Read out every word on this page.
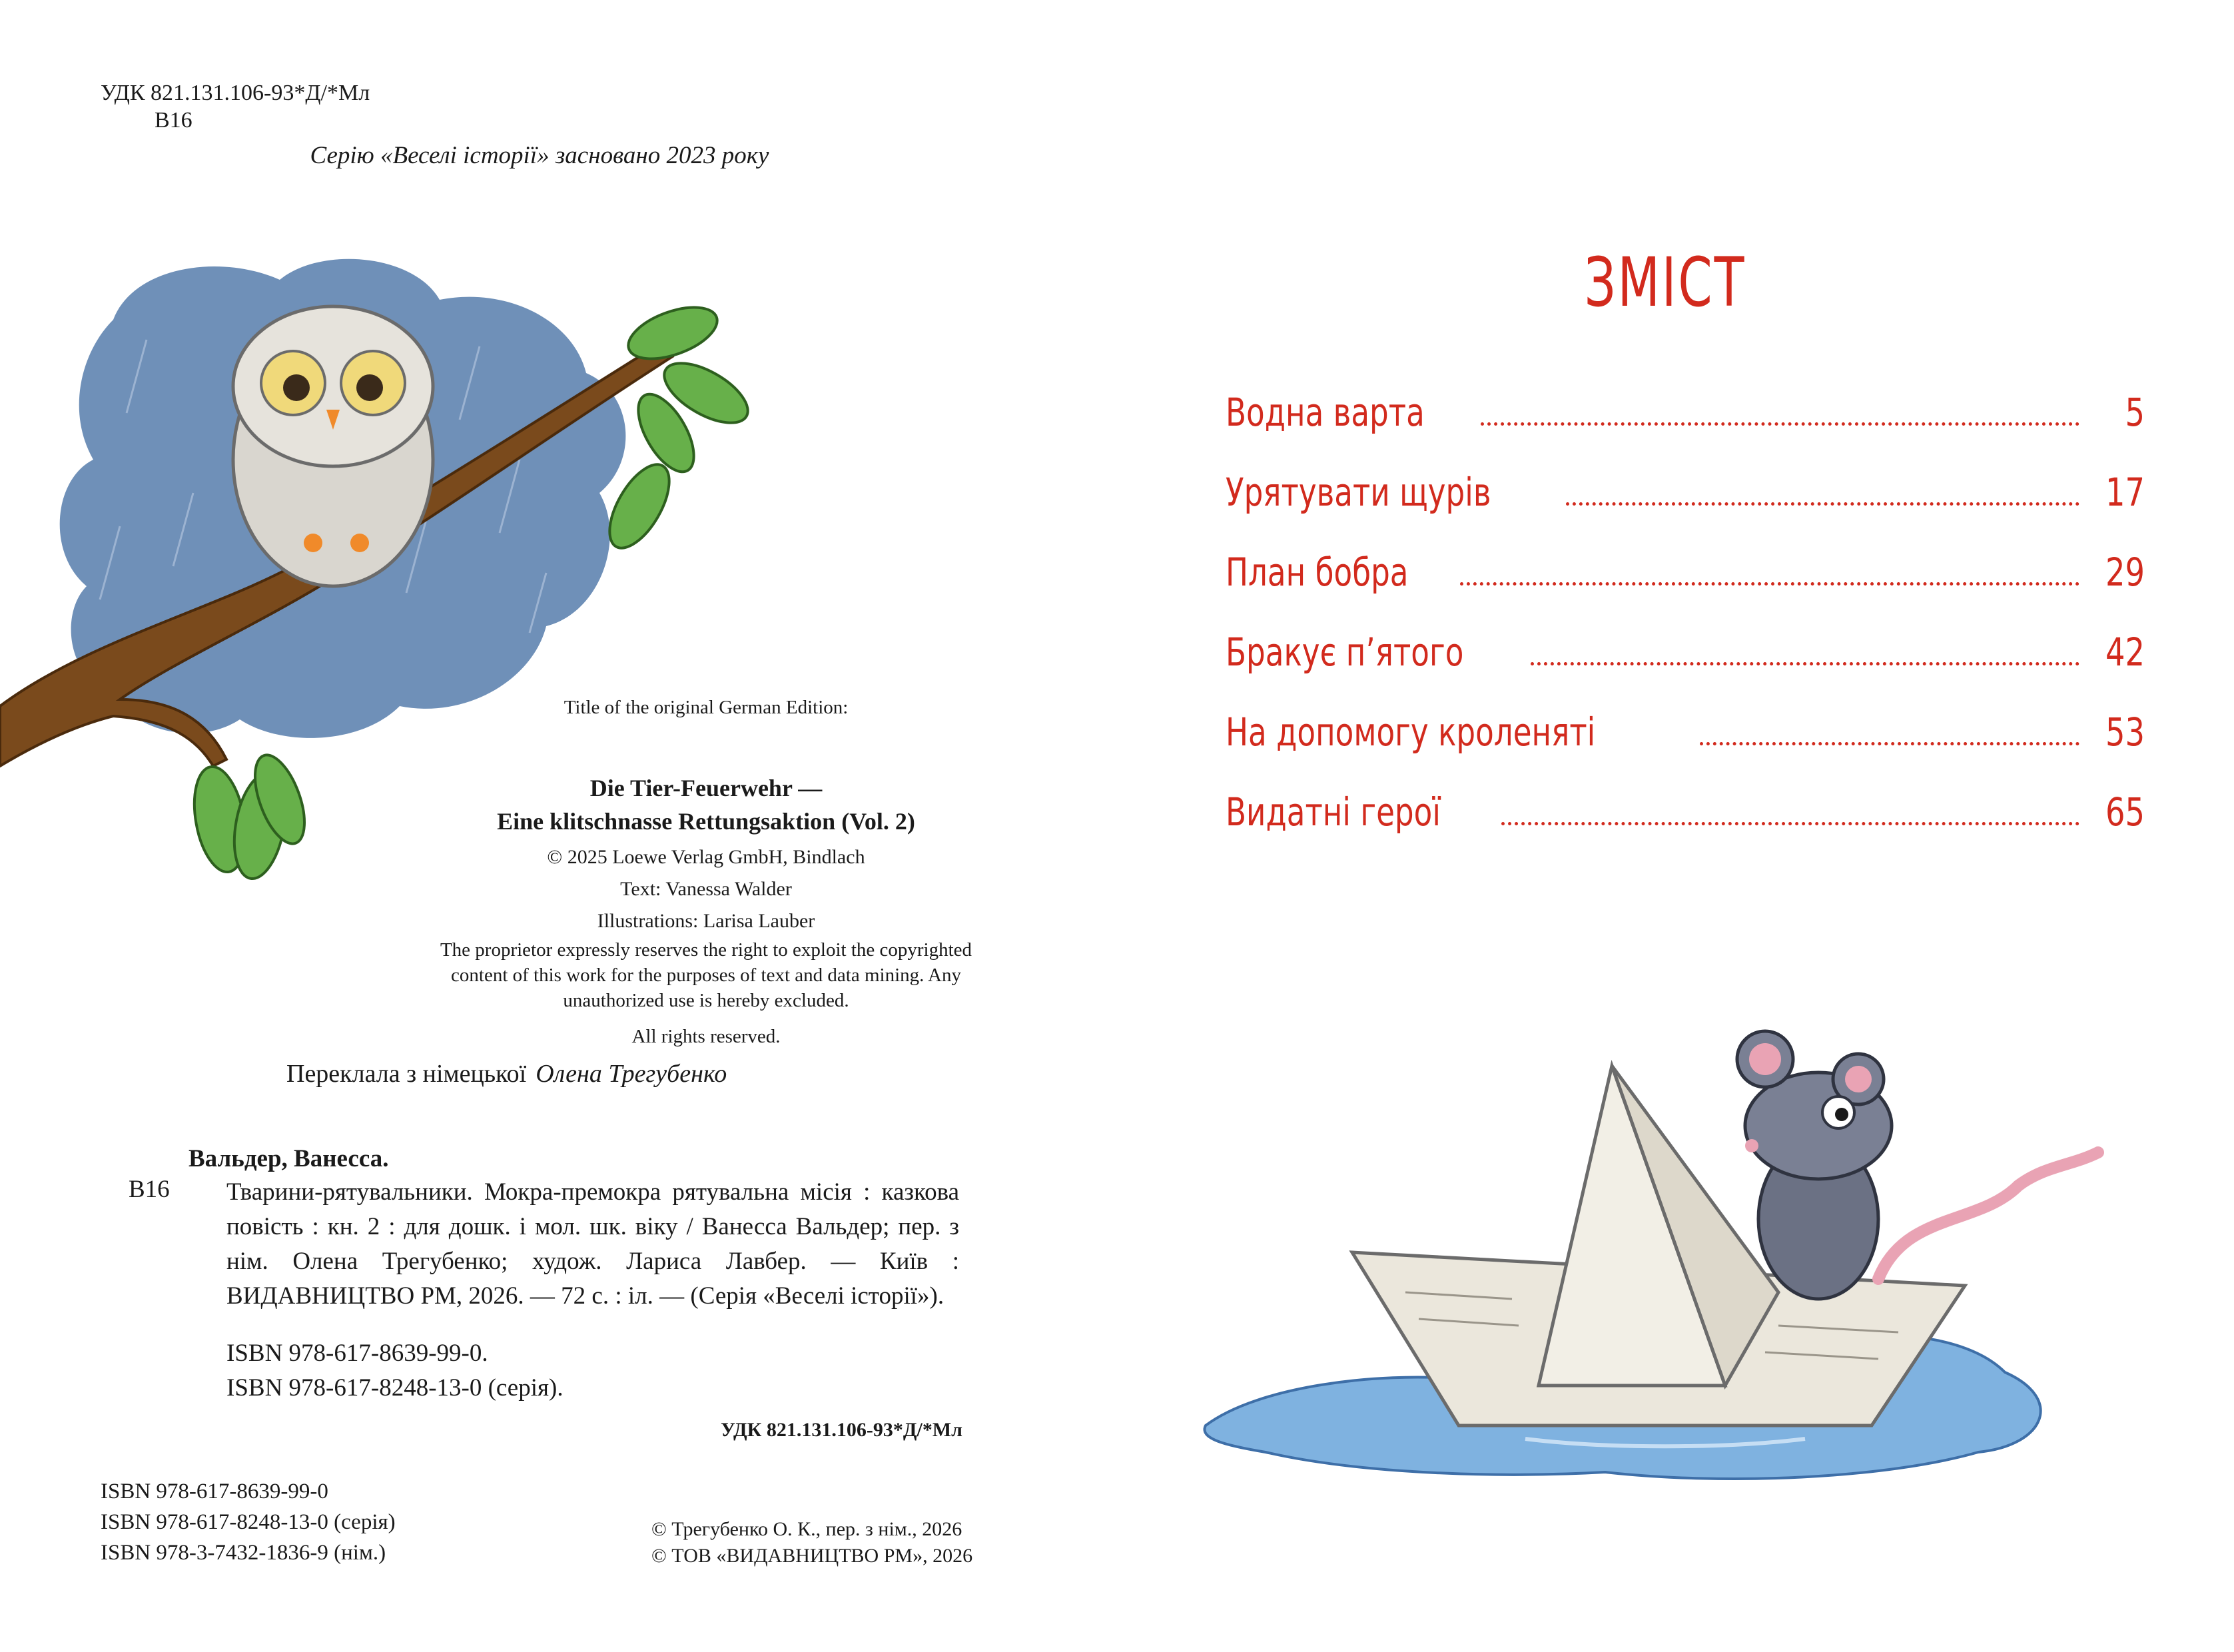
УДК 821.131.106-93*Д/*Мл
В16
Серію «Веселі історії» засновано 2023 року
Title of the original German Edition:
Die Tier-Feuerwehr —
Eine klitschnasse Rettungsaktion (Vol. 2)
© 2025 Loewe Verlag GmbH, Bindlach
Text: Vanessa Walder
Illustrations: Larisa Lauber
The proprietor expressly reserves the right to exploit the copyrighted
content of this work for the purposes of text and data mining. Any
unauthorized use is hereby excluded.
All rights reserved.
Переклала з німецької Олена Трегубенко
Вальдер, Ванесса.
В16 Тварини-рятувальники. Мокра-премокра рятувальна місія : казкова повість : кн. 2 : для дошк. і мол. шк. віку / Ванесса Вальдер; пер. з нім. Олена Трегубенко; худож. Лариса Лавбер. — Київ : ВИДАВНИЦТВО РМ, 2026. — 72 с. : іл. — (Серія «Веселі історії»).
ISBN 978-617-8639-99-0.
ISBN 978-617-8248-13-0 (серія).
УДК 821.131.106-93*Д/*Мл
ISBN 978-617-8639-99-0
ISBN 978-617-8248-13-0 (серія)
ISBN 978-3-7432-1836-9 (нім.)
© Трегубенко О. К., пер. з нім., 2026
© ТОВ «ВИДАВНИЦТВО РМ», 2026
ЗМІСТ
Водна варта	5
Урятувати щурів	17
План бобра	29
Бракує п’ятого	42
На допомогу кроленяті	53
Видатні герої	65
